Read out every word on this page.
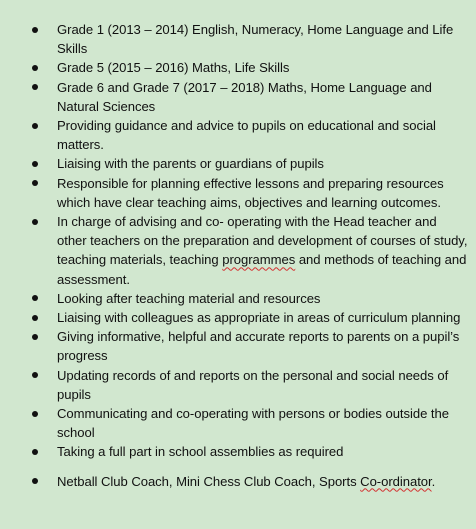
Grade 1 (2013 – 2014) English, Numeracy, Home Language and Life Skills
Grade 5 (2015 – 2016) Maths, Life Skills
Grade 6 and Grade 7 (2017 – 2018) Maths, Home Language and Natural Sciences
Providing guidance and advice to pupils on educational and social matters.
Liaising with the parents or guardians of pupils
Responsible for planning effective lessons and preparing resources which have clear teaching aims, objectives and learning outcomes.
In charge of advising and co- operating with the Head teacher and other teachers on the preparation and development of courses of study, teaching materials, teaching programmes and methods of teaching and assessment.
Looking after teaching material and resources
Liaising with colleagues as appropriate in areas of curriculum planning
Giving informative, helpful and accurate reports to parents on a pupil’s progress
Updating records of and reports on the personal and social needs of pupils
Communicating and co-operating with persons or bodies outside the school
Taking a full part in school assemblies as required
Netball Club Coach, Mini Chess Club Coach, Sports Co-ordinator.
